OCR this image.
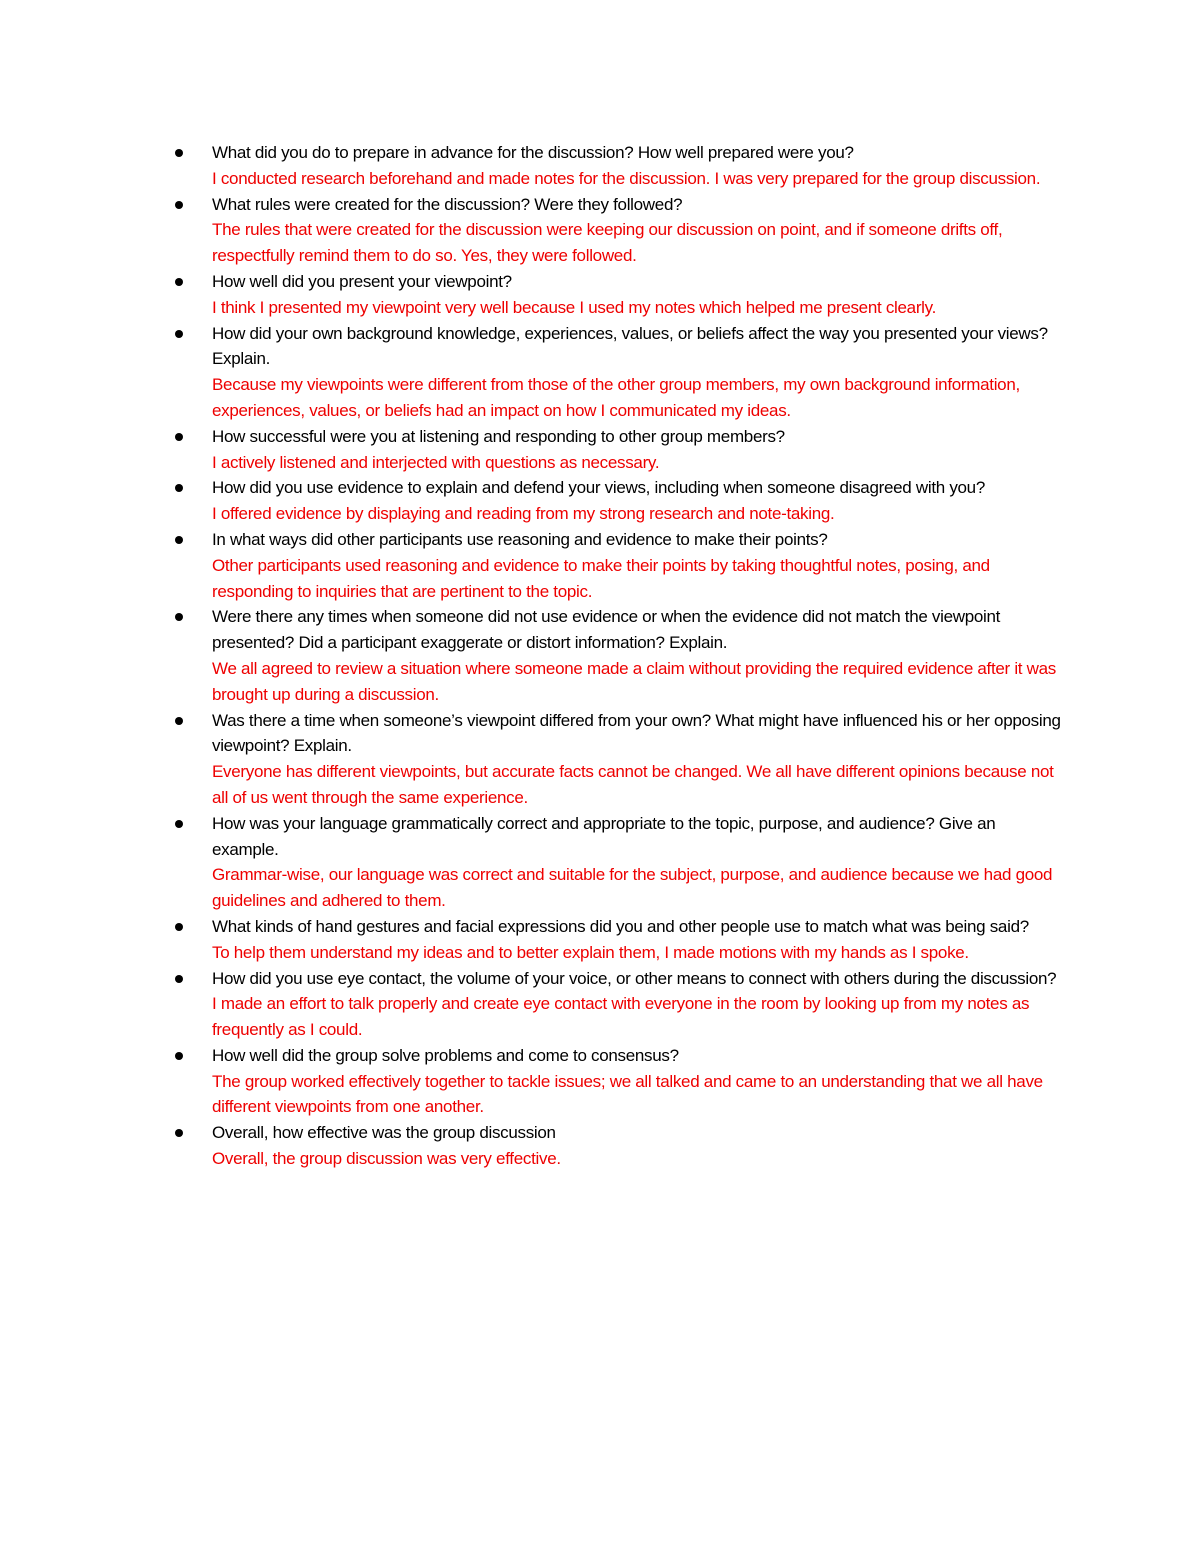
What did you do to prepare in advance for the discussion? How well prepared were you?
I conducted research beforehand and made notes for the discussion. I was very prepared for the group discussion.
What rules were created for the discussion? Were they followed?
The rules that were created for the discussion were keeping our discussion on point, and if someone drifts off, respectfully remind them to do so. Yes, they were followed.
How well did you present your viewpoint?
I think I presented my viewpoint very well because I used my notes which helped me present clearly.
How did your own background knowledge, experiences, values, or beliefs affect the way you presented your views? Explain.
Because my viewpoints were different from those of the other group members, my own background information, experiences, values, or beliefs had an impact on how I communicated my ideas.
How successful were you at listening and responding to other group members?
I actively listened and interjected with questions as necessary.
How did you use evidence to explain and defend your views, including when someone disagreed with you?
I offered evidence by displaying and reading from my strong research and note-taking.
In what ways did other participants use reasoning and evidence to make their points?
Other participants used reasoning and evidence to make their points by taking thoughtful notes, posing, and responding to inquiries that are pertinent to the topic.
Were there any times when someone did not use evidence or when the evidence did not match the viewpoint presented? Did a participant exaggerate or distort information? Explain.
We all agreed to review a situation where someone made a claim without providing the required evidence after it was brought up during a discussion.
Was there a time when someone’s viewpoint differed from your own? What might have influenced his or her opposing viewpoint? Explain.
Everyone has different viewpoints, but accurate facts cannot be changed. We all have different opinions because not all of us went through the same experience.
How was your language grammatically correct and appropriate to the topic, purpose, and audience? Give an example.
Grammar-wise, our language was correct and suitable for the subject, purpose, and audience because we had good guidelines and adhered to them.
What kinds of hand gestures and facial expressions did you and other people use to match what was being said?
To help them understand my ideas and to better explain them, I made motions with my hands as I spoke.
How did you use eye contact, the volume of your voice, or other means to connect with others during the discussion?
I made an effort to talk properly and create eye contact with everyone in the room by looking up from my notes as frequently as I could.
How well did the group solve problems and come to consensus?
The group worked effectively together to tackle issues; we all talked and came to an understanding that we all have different viewpoints from one another.
Overall, how effective was the group discussion
Overall, the group discussion was very effective.
